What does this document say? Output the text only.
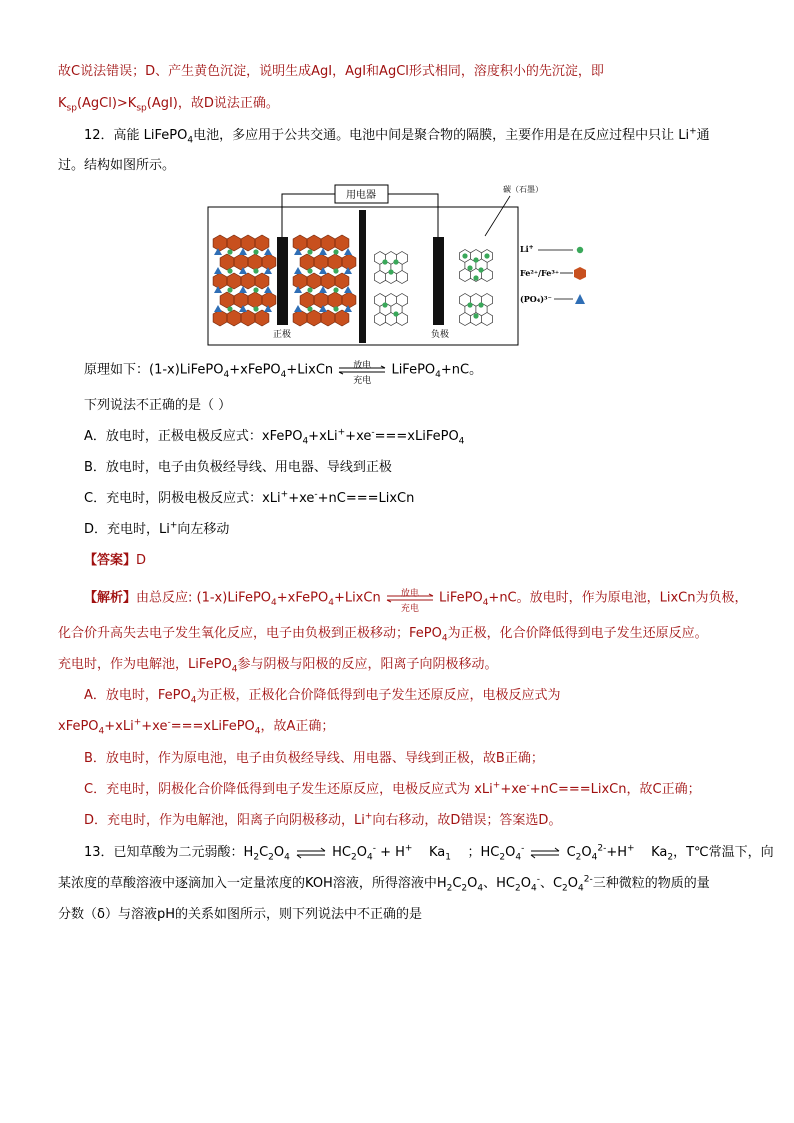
故C说法错误；D、产生黄色沉淀，说明生成AgI，AgI和AgCl形式相同，溶度积小的先沉淀，即
$K_{sp}(AgCl)>K_{sp}(AgI)$，故D说法正确。
12．高能 LiFePO$_4$电池，多应用于公共交通。电池中间是聚合物的隔膜，主要作用是在反应过程中只让 Li+通
过。结构如图所示。
用电器
正极	负极
碳（石墨）
Li+
Fe²⁺/Fe³⁺
(PO₄)³⁻
原理如下：(1-x)LiFePO$_4$+xFePO$_4$+LixCn	放电
充电
LiFePO$_4$+nC。
下列说法不正确的是（ ）
A．放电时，正极电极反应式：xFePO$_4$+xLi++xe-===xLiFePO$_4$
B．放电时，电子由负极经导线、用电器、导线到正极
C．充电时，阴极电极反应式：xLi++xe-+nC===LixCn
D．充电时，Li+向左移动
【答案】D
【解析】由总反应: (1-x)LiFePO$_4$+xFePO$_4$+LixCn	放电
充电
LiFePO$_4$+nC。放电时，作为原电池，LixCn为负极，
化合价升高失去电子发生氧化反应，电子由负极到正极移动；FePO$_4$为正极，化合价降低得到电子发生还原反应。
充电时，作为电解池，LiFePO$_4$参与阴极与阳极的反应，阳离子向阴极移动。
A．放电时，FePO$_4$为正极，正极化合价降低得到电子发生还原反应，电极反应式为
xFePO$_4$+xLi++xe-===xLiFePO$_4$，故A正确；
B．放电时，作为原电池，电子由负极经导线、用电器、导线到正极，故B正确；
C．充电时，阴极化合价降低得到电子发生还原反应，电极反应式为 xLi++xe-+nC===LixCn，故C正确；
D．充电时，作为电解池，阳离子向阴极移动，Li+向右移动，故D错误；答案选D。
13．已知草酸为二元弱酸：$H_2C_2O_4$ ⇌ $HC_2O_4^- + H^+$ $Ka_1$ ；$HC_2O_4^-$ ⇌ $C_2O_4^{2-}+H^+$ $Ka_2$，T℃常温下，向
某浓度的草酸溶液中逐滴加入一定量浓度的KOH溶液，所得溶液中$H_2C_2O_4$、$HC_2O_4^-$、$C_2O_4^{2-}$三种微粒的物质的量
分数（δ）与溶液pH的关系如图所示，则下列说法中不正确的是
